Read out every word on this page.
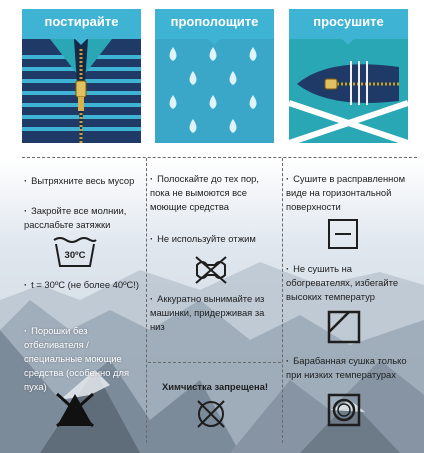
постирайте	прополощите	просушите
· Вытряхните весь мусор
· Закройте все молнии, расслабьте затяжки
· t = 30ºС (не более 40ºС!)
· Порошки без отбеливателя / специальные моющие средства (особенно для пуха)
30ºС
· Полоскайте до тех пор, пока не вымоются все моющие средства
· Не используйте отжим
· Аккуратно вынимайте из машинки, придерживая за низ
Химчистка запрещена!
· Сушите в расправленном виде на горизонтальной поверхности
· Не сушить на обогревателях, избегайте высоких температур
· Барабанная сушка только при низких температурах
